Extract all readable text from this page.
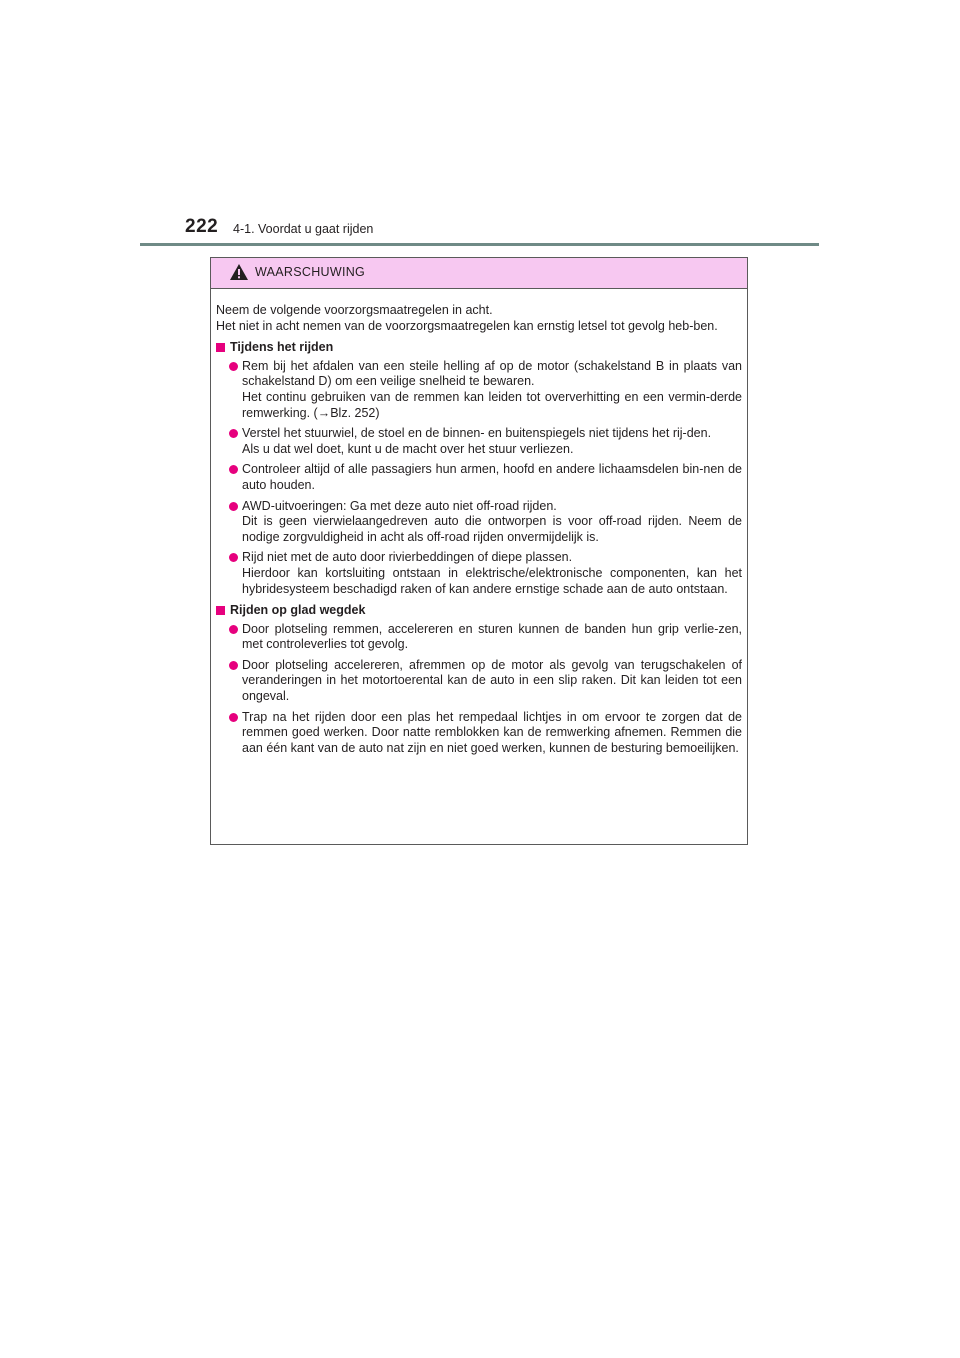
222 4-1. Voordat u gaat rijden
WAARSCHUWING

Neem de volgende voorzorgsmaatregelen in acht.

Het niet in acht nemen van de voorzorgsmaatregelen kan ernstig letsel tot gevolg heb-ben.

Tijdens het rijden

Rem bij het afdalen van een steile helling af op de motor (schakelstand B in plaats van schakelstand D) om een veilige snelheid te bewaren.

Het continu gebruiken van de remmen kan leiden tot oververhitting en een vermin-derde remwerking. (→Blz. 252)

Verstel het stuurwiel, de stoel en de binnen- en buitenspiegels niet tijdens het rij-den.

Als u dat wel doet, kunt u de macht over het stuur verliezen.

Controleer altijd of alle passagiers hun armen, hoofd en andere lichaamsdelen bin-nen de auto houden.

AWD-uitvoeringen: Ga met deze auto niet off-road rijden.

Dit is geen vierwielaangedreven auto die ontworpen is voor off-road rijden. Neem de nodige zorgvuldigheid in acht als off-road rijden onvermijdelijk is.

Rijd niet met de auto door rivierbeddingen of diepe plassen.

Hierdoor kan kortsluiting ontstaan in elektrische/elektronische componenten, kan het hybridesysteem beschadigd raken of kan andere ernstige schade aan de auto ontstaan.

Rijden op glad wegdek

Door plotseling remmen, accelereren en sturen kunnen de banden hun grip verlie-zen, met controleverlies tot gevolg.

Door plotseling accelereren, afremmen op de motor als gevolg van terugschakelen of veranderingen in het motortoerental kan de auto in een slip raken. Dit kan leiden tot een ongeval.

Trap na het rijden door een plas het rempedaal lichtjes in om ervoor te zorgen dat de remmen goed werken. Door natte remblokken kan de remwerking afnemen. Remmen die aan één kant van de auto nat zijn en niet goed werken, kunnen de besturing bemoeilijken.
